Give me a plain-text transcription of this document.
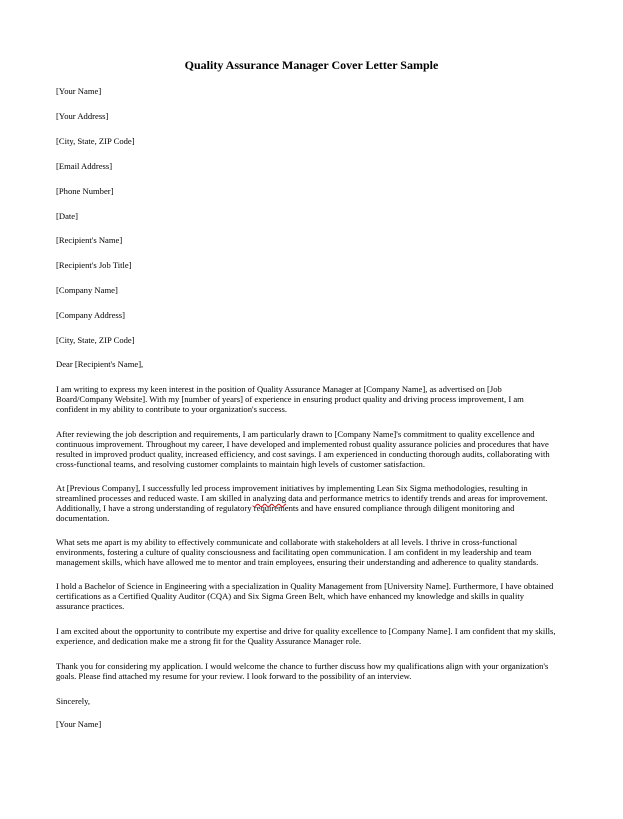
Quality Assurance Manager Cover Letter Sample
[Your Name]
[Your Address]
[City, State, ZIP Code]
[Email Address]
[Phone Number]
[Date]
[Recipient's Name]
[Recipient's Job Title]
[Company Name]
[Company Address]
[City, State, ZIP Code]
Dear [Recipient's Name],
I am writing to express my keen interest in the position of Quality Assurance Manager at [Company Name], as advertised on [Job Board/Company Website]. With my [number of years] of experience in ensuring product quality and driving process improvement, I am confident in my ability to contribute to your organization's success.
After reviewing the job description and requirements, I am particularly drawn to [Company Name]'s commitment to quality excellence and continuous improvement. Throughout my career, I have developed and implemented robust quality assurance policies and procedures that have resulted in improved product quality, increased efficiency, and cost savings. I am experienced in conducting thorough audits, collaborating with cross-functional teams, and resolving customer complaints to maintain high levels of customer satisfaction.
At [Previous Company], I successfully led process improvement initiatives by implementing Lean Six Sigma methodologies, resulting in streamlined processes and reduced waste. I am skilled in analyzing data and performance metrics to identify trends and areas for improvement. Additionally, I have a strong understanding of regulatory requirements and have ensured compliance through diligent monitoring and documentation.
What sets me apart is my ability to effectively communicate and collaborate with stakeholders at all levels. I thrive in cross-functional environments, fostering a culture of quality consciousness and facilitating open communication. I am confident in my leadership and team management skills, which have allowed me to mentor and train employees, ensuring their understanding and adherence to quality standards.
I hold a Bachelor of Science in Engineering with a specialization in Quality Management from [University Name]. Furthermore, I have obtained certifications as a Certified Quality Auditor (CQA) and Six Sigma Green Belt, which have enhanced my knowledge and skills in quality assurance practices.
I am excited about the opportunity to contribute my expertise and drive for quality excellence to [Company Name]. I am confident that my skills, experience, and dedication make me a strong fit for the Quality Assurance Manager role.
Thank you for considering my application. I would welcome the chance to further discuss how my qualifications align with your organization's goals. Please find attached my resume for your review. I look forward to the possibility of an interview.
Sincerely,
[Your Name]
